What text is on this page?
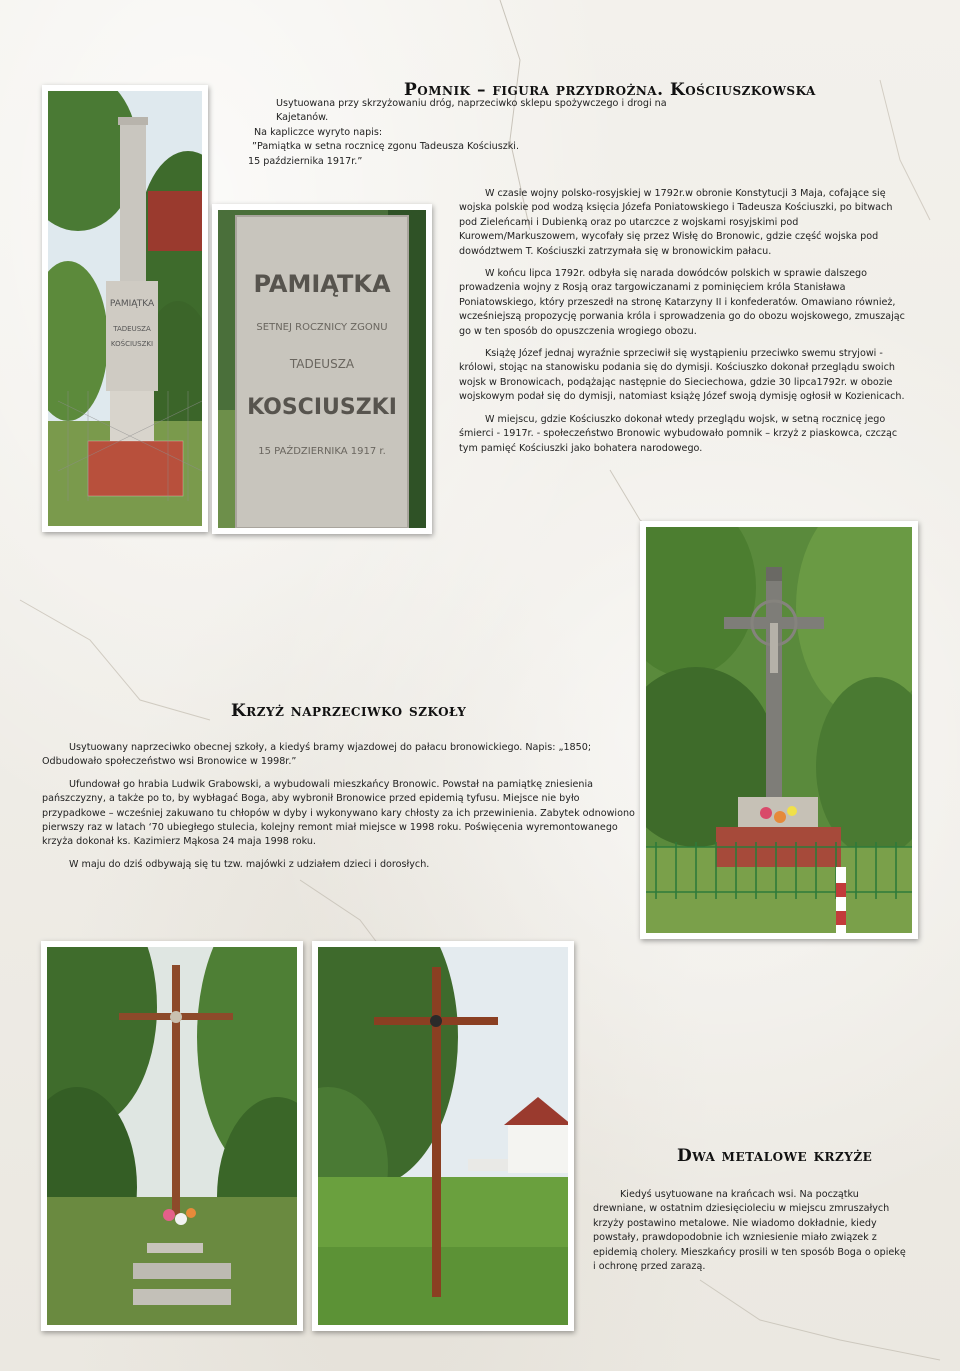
Pomnik – figura przydrożna. Kościuszkowska
PAMIĄTKA
TADEUSZA
KOŚCIUSZKI
PAMIĄTKA
SETNEJ ROCZNICY ZGONU
TADEUSZA
KOSCIUSZKI
15 PAŹDZIERNIKA 1917 r.

Usytuowana przy skrzyżowaniu dróg, naprzeciwko sklepu spożywczego i drogi na Kajetanów.

Na kapliczce wyryto napis:

”Pamiątka w setna rocznicę zgonu Tadeusza Kościuszki.

15 października 1917r.”

W czasie wojny polsko-rosyjskiej w 1792r.w obronie Konstytucji 3 Maja, cofające się wojska polskie pod wodzą księcia Józefa Poniatowskiego i Tadeusza Kościuszki, po bitwach pod Zieleńcami i Dubienką oraz po utarczce z wojskami rosyjskimi pod Kurowem/Markuszowem, wycofały się przez Wisłę do Bronowic, gdzie część wojska pod dowództwem T. Kościuszki zatrzymała się w bronowickim pałacu.

W końcu lipca 1792r. odbyła się narada dowódców polskich w sprawie dalszego prowadzenia wojny z Rosją oraz targowiczanami z pominięciem króla Stanisława Poniatowskiego, który przeszedł na stronę Katarzyny II i konfederatów. Omawiano również, wcześniejszą propozycję porwania króla i sprowadzenia go do obozu wojskowego, zmuszając go w ten sposób do opuszczenia wrogiego obozu.

Książę Józef jednaj wyraźnie sprzeciwił się wystąpieniu przeciwko swemu stryjowi - królowi, stojąc na stanowisku podania się do dymisji. Kościuszko dokonał przeglądu swoich wojsk w Bronowicach, podążając następnie do Sieciechowa, gdzie 30 lipca1792r. w obozie wojskowym podał się do dymisji, natomiast książę Józef swoją dymisję ogłosił w Kozienicach.

W miejscu, gdzie Kościuszko dokonał wtedy przeglądu wojsk, w setną rocznicę jego śmierci - 1917r. - społeczeństwo Bronowic wybudowało pomnik – krzyż z piaskowca, czcząc tym pamięć Kościuszki jako bohatera narodowego.

Krzyż naprzeciwko szkoły

Usytuowany naprzeciwko obecnej szkoły, a kiedyś bramy wjazdowej do pałacu bronowickiego. Napis: „1850; Odbudowało społeczeństwo wsi Bronowice w 1998r.”

Ufundował go hrabia Ludwik Grabowski, a wybudowali mieszkańcy Bronowic. Powstał na pamiątkę zniesienia pańszczyzny, a także po to, by wybłagać Boga, aby wybronił Bronowice przed epidemią tyfusu. Miejsce nie było przypadkowe – wcześniej zakuwano tu chłopów w dyby i wykonywano kary chłosty za ich przewinienia. Zabytek odnowiono pierwszy raz w latach ‘70 ubiegłego stulecia, kolejny remont miał miejsce w 1998 roku. Poświęcenia wyremontowanego krzyża dokonał ks. Kazimierz Mąkosa 24 maja 1998 roku.

W maju do dziś odbywają się tu tzw. majówki z udziałem dzieci i dorosłych.

Dwa metalowe krzyże

Kiedyś usytuowane na krańcach wsi. Na początku drewniane, w ostatnim dziesięcioleciu w miejscu zmruszałych krzyży postawino metalowe. Nie wiadomo dokładnie, kiedy powstały, prawdopodobnie ich wzniesienie miało związek z epidemią cholery. Mieszkańcy prosili w ten sposób Boga o opiekę i ochronę przed zarazą.
